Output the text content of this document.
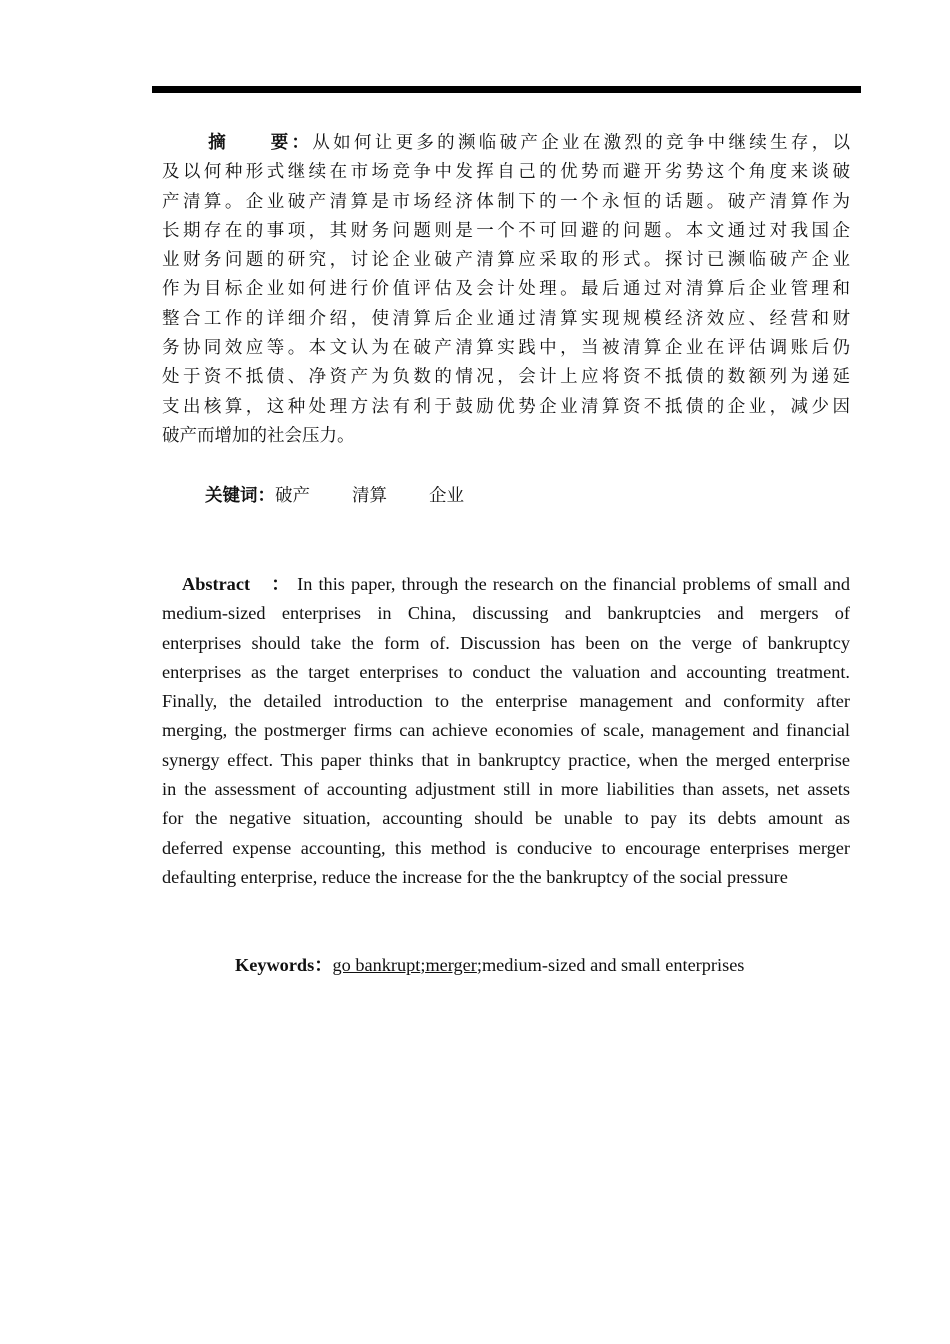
摘　　要：从如何让更多的濒临破产企业在激烈的竞争中继续生存，以
及以何种形式继续在市场竞争中发挥自己的优势而避开劣势这个角度来谈破
产清算。企业破产清算是市场经济体制下的一个永恒的话题。破产清算作为
长期存在的事项，其财务问题则是一个不可回避的问题。本文通过对我国企
业财务问题的研究，讨论企业破产清算应采取的形式。探讨已濒临破产企业
作为目标企业如何进行价值评估及会计处理。最后通过对清算后企业管理和
整合工作的详细介绍，使清算后企业通过清算实现规模经济效应、经营和财
务协同效应等。本文认为在破产清算实践中，当被清算企业在评估调账后仍
处于资不抵债、净资产为负数的情况，会计上应将资不抵债的数额列为递延
支出核算，这种处理方法有利于鼓励优势企业清算资不抵债的企业，减少因
破产而增加的社会压力。
关键词：破产 清算 企业
Abstract　： In this paper, through the research on the financial problems of small and
medium-sized enterprises in China, discussing and bankruptcies and mergers of
enterprises should take the form of. Discussion has been on the verge of bankruptcy
enterprises as the target enterprises to conduct the valuation and accounting treatment.
Finally, the detailed introduction to the enterprise management and conformity after
merging, the postmerger firms can achieve economies of scale, management and financial
synergy effect. This paper thinks that in bankruptcy practice, when the merged enterprise
in the assessment of accounting adjustment still in more liabilities than assets, net assets
for the negative situation, accounting should be unable to pay its debts amount as
deferred expense accounting, this method is conducive to encourage enterprises merger
defaulting enterprise, reduce the increase for the the bankruptcy of the social pressure
Keywords：go bankrupt;merger;medium-sized and small enterprises
